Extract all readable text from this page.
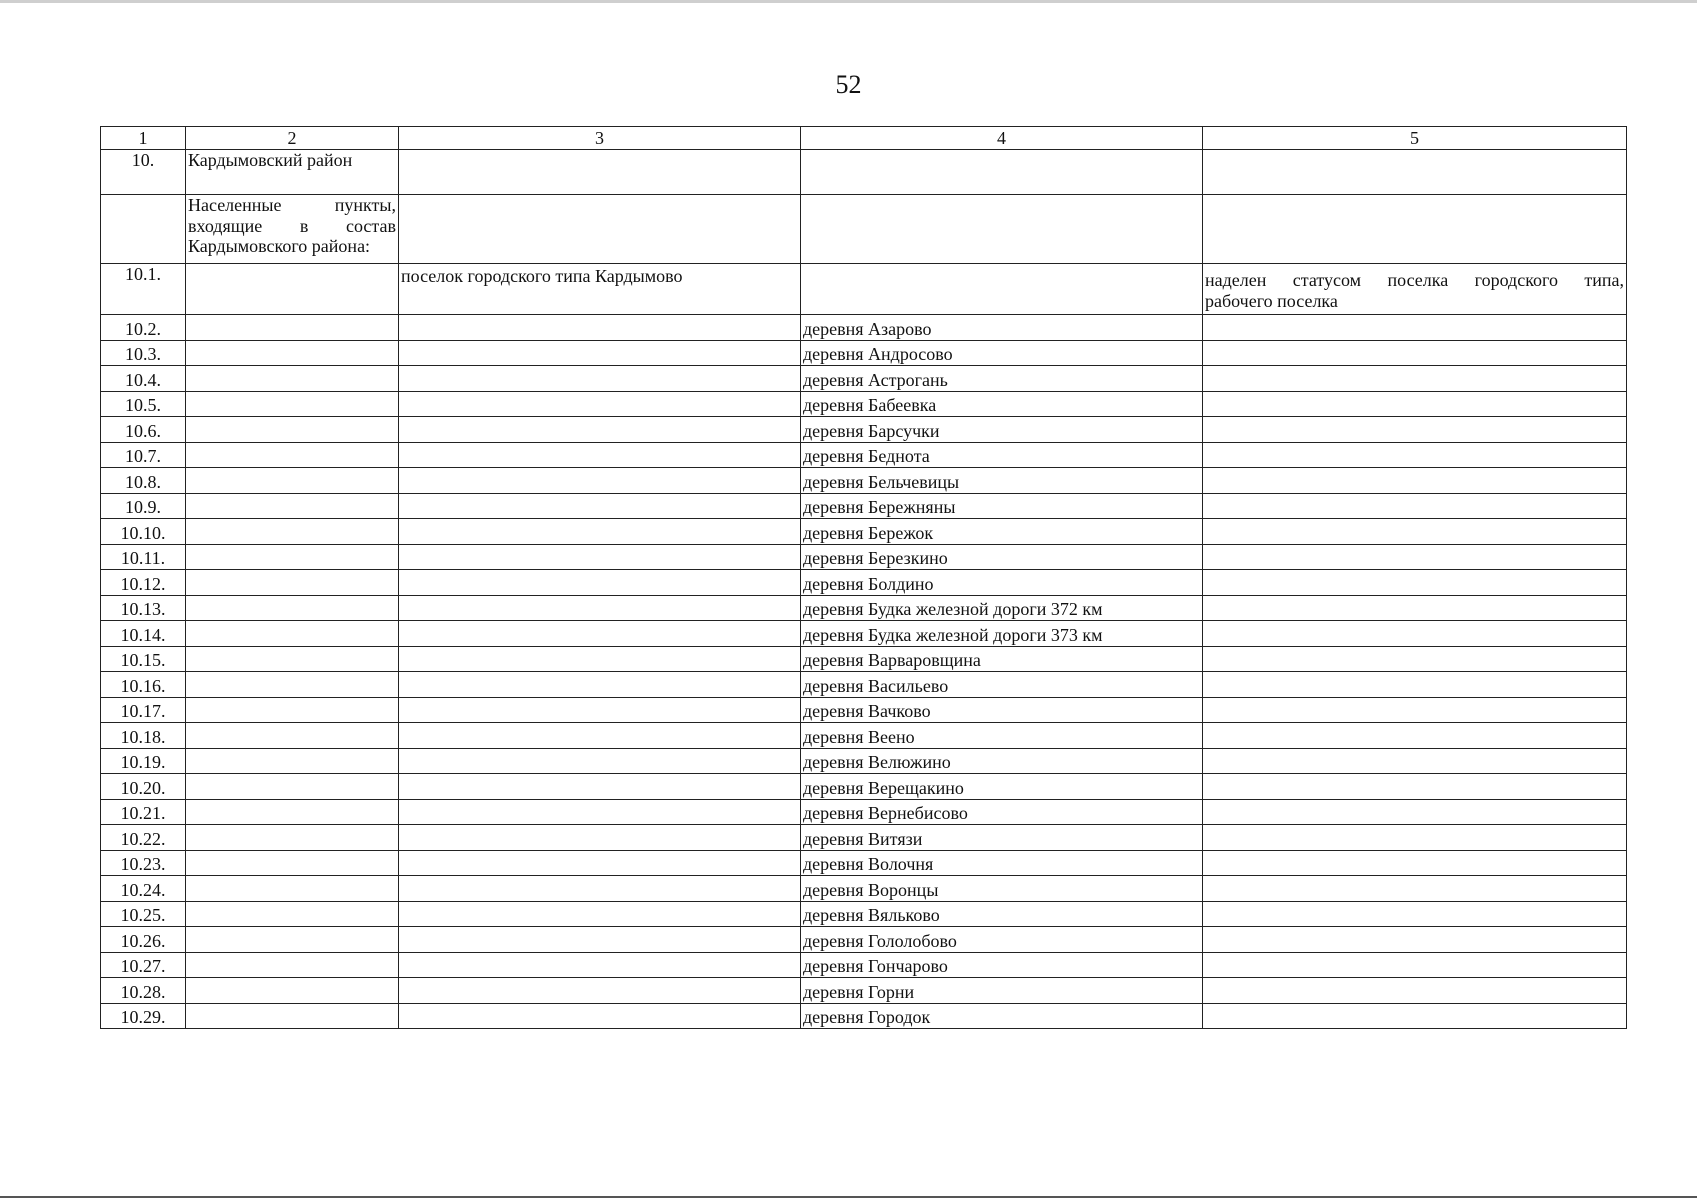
52
1	2	3	4	5
10.	Кардымовский район			

	Населенные пункты,
входящие в состав
Кардымовского района:			

10.1.		поселок городского типа Кардымово		наделен статусом поселка городского типа,
рабочего поселка

10.2.			деревня Азарово	
10.3.			деревня Андросово	
10.4.			деревня Астрогань	
10.5.			деревня Бабеевка	
10.6.			деревня Барсучки	
10.7.			деревня Беднота	
10.8.			деревня Бельчевицы	
10.9.			деревня Бережняны	
10.10.			деревня Бережок	
10.11.			деревня Березкино	
10.12.			деревня Болдино	
10.13.			деревня Будка железной дороги 372 км	
10.14.			деревня Будка железной дороги 373 км	
10.15.			деревня Варваровщина	
10.16.			деревня Васильево	
10.17.			деревня Вачково	
10.18.			деревня Веено	
10.19.			деревня Велюжино	
10.20.			деревня Верещакино	
10.21.			деревня Вернебисово	
10.22.			деревня Витязи	
10.23.			деревня Волочня	
10.24.			деревня Воронцы	
10.25.			деревня Вяльково	
10.26.			деревня Гололобово	
10.27.			деревня Гончарово	
10.28.			деревня Горни	
10.29.			деревня Городок	
